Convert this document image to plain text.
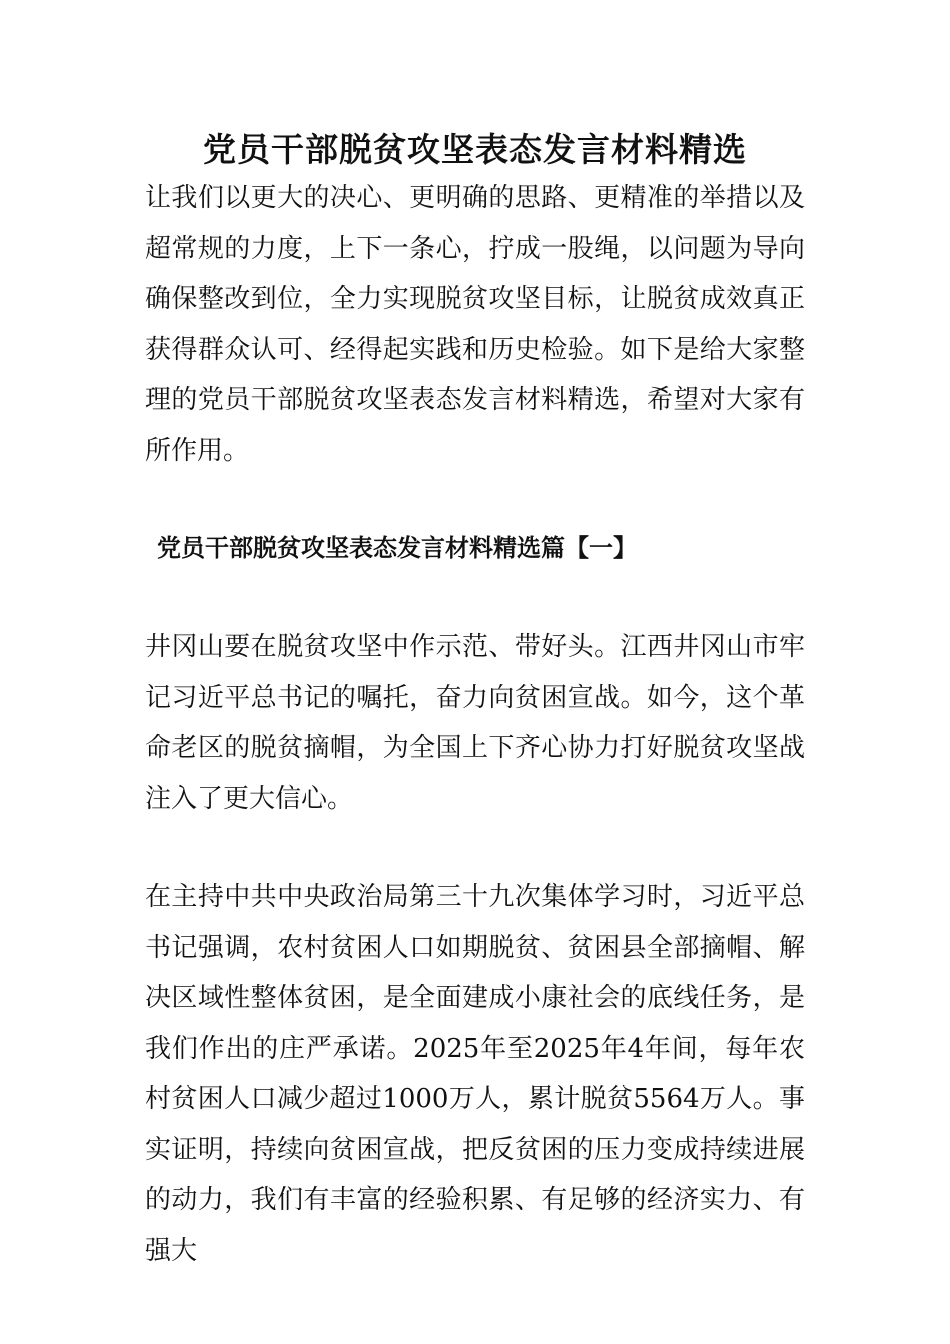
党员干部脱贫攻坚表态发言材料精选

让我们以更大的决心、更明确的思路、更精准的举措以及超常规的力度，上下一条心，拧成一股绳，以问题为导向确保整改到位，全力实现脱贫攻坚目标，让脱贫成效真正获得群众认可、经得起实践和历史检验。如下是给大家整理的党员干部脱贫攻坚表态发言材料精选，希望对大家有所作用。

党员干部脱贫攻坚表态发言材料精选篇【一】

井冈山要在脱贫攻坚中作示范、带好头。江西井冈山市牢记习近平总书记的嘱托，奋力向贫困宣战。如今，这个革命老区的脱贫摘帽，为全国上下齐心协力打好脱贫攻坚战注入了更大信心。

在主持中共中央政治局第三十九次集体学习时，习近平总书记强调，农村贫困人口如期脱贫、贫困县全部摘帽、解决区域性整体贫困，是全面建成小康社会的底线任务，是我们作出的庄严承诺。2025年至2025年4年间，每年农村贫困人口减少超过1000万人，累计脱贫5564万人。事实证明，持续向贫困宣战，把反贫困的压力变成持续进展的动力，我们有丰富的经验积累、有足够的经济实力、有强大
